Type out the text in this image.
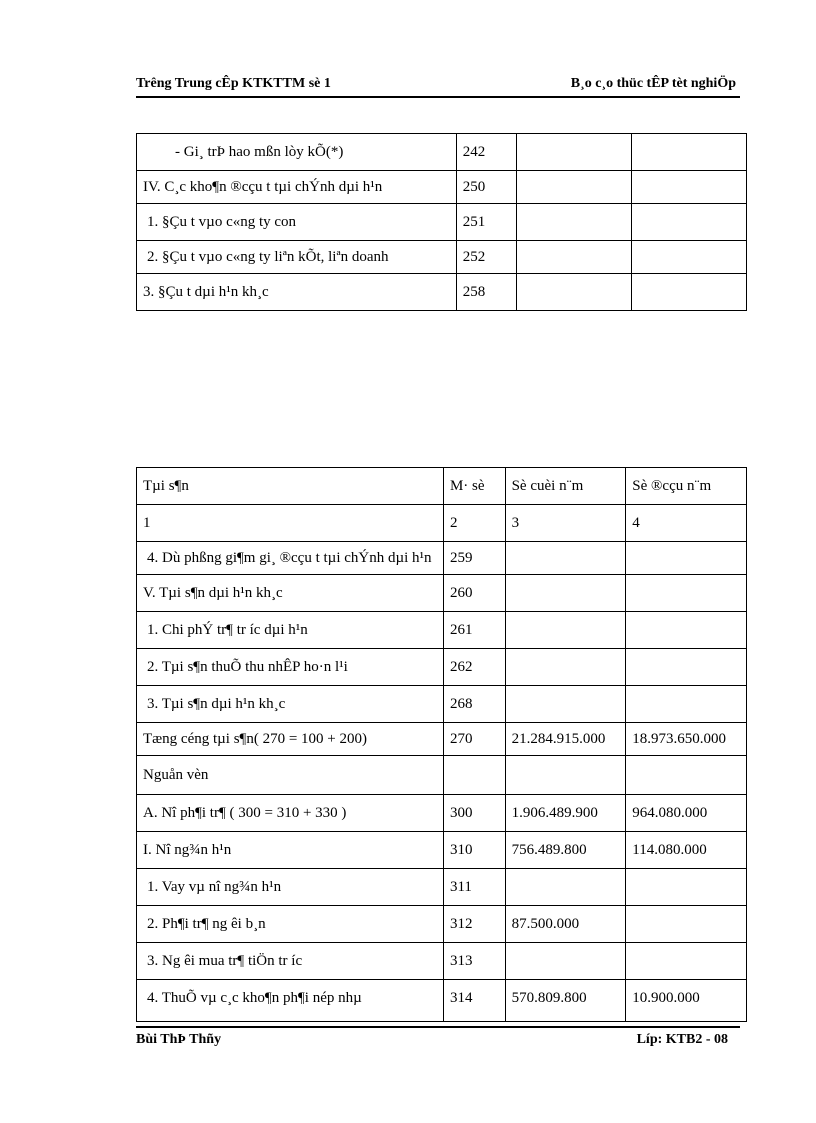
Trêng Trung cÊp KTKTTM sè 1	B¸o c¸o thüc tÊP tèt nghiÖp
- Gi¸ trÞ hao mßn lòy kÕ(*)	242		
IV. C¸c kho¶n ®cçu t tµi chÝnh dµi h¹n	250		
1. §Çu t vµo c«ng ty con	251		
2. §Çu t vµo c«ng ty liªn kÕt, liªn doanh	252		
3. §Çu t dµi h¹n kh¸c	258		
Tµi s¶n	M· sè	Sè cuèi n¨m	Sè ®cçu n¨m
1	2	3	4
4. Dù phßng gi¶m gi¸ ®cçu t tµi chÝnh dµi h¹n	259		
V. Tµi s¶n dµi h¹n kh¸c	260		
1. Chi phÝ tr¶ tr íc dµi h¹n	261		
2. Tµi s¶n thuÕ thu nhÊP ho·n l¹i	262		
3. Tµi s¶n dµi h¹n kh¸c	268		
Tæng céng tµi s¶n( 270 = 100 + 200)	270	21.284.915.000	18.973.650.000
Nguån vèn			
A. Nî ph¶i tr¶ ( 300 = 310 + 330 )	300	1.906.489.900	964.080.000
I. Nî ng¾n h¹n	310	756.489.800	114.080.000
1. Vay vµ nî ng¾n h¹n	311		
2. Ph¶i tr¶ ng êi b¸n	312	87.500.000	
3. Ng êi mua tr¶ tiÖn tr íc	313		
4. ThuÕ vµ c¸c kho¶n ph¶i nép nhµ	314	570.809.800	10.900.000
Bùi ThÞ Thñy	Líp: KTB2 - 08
